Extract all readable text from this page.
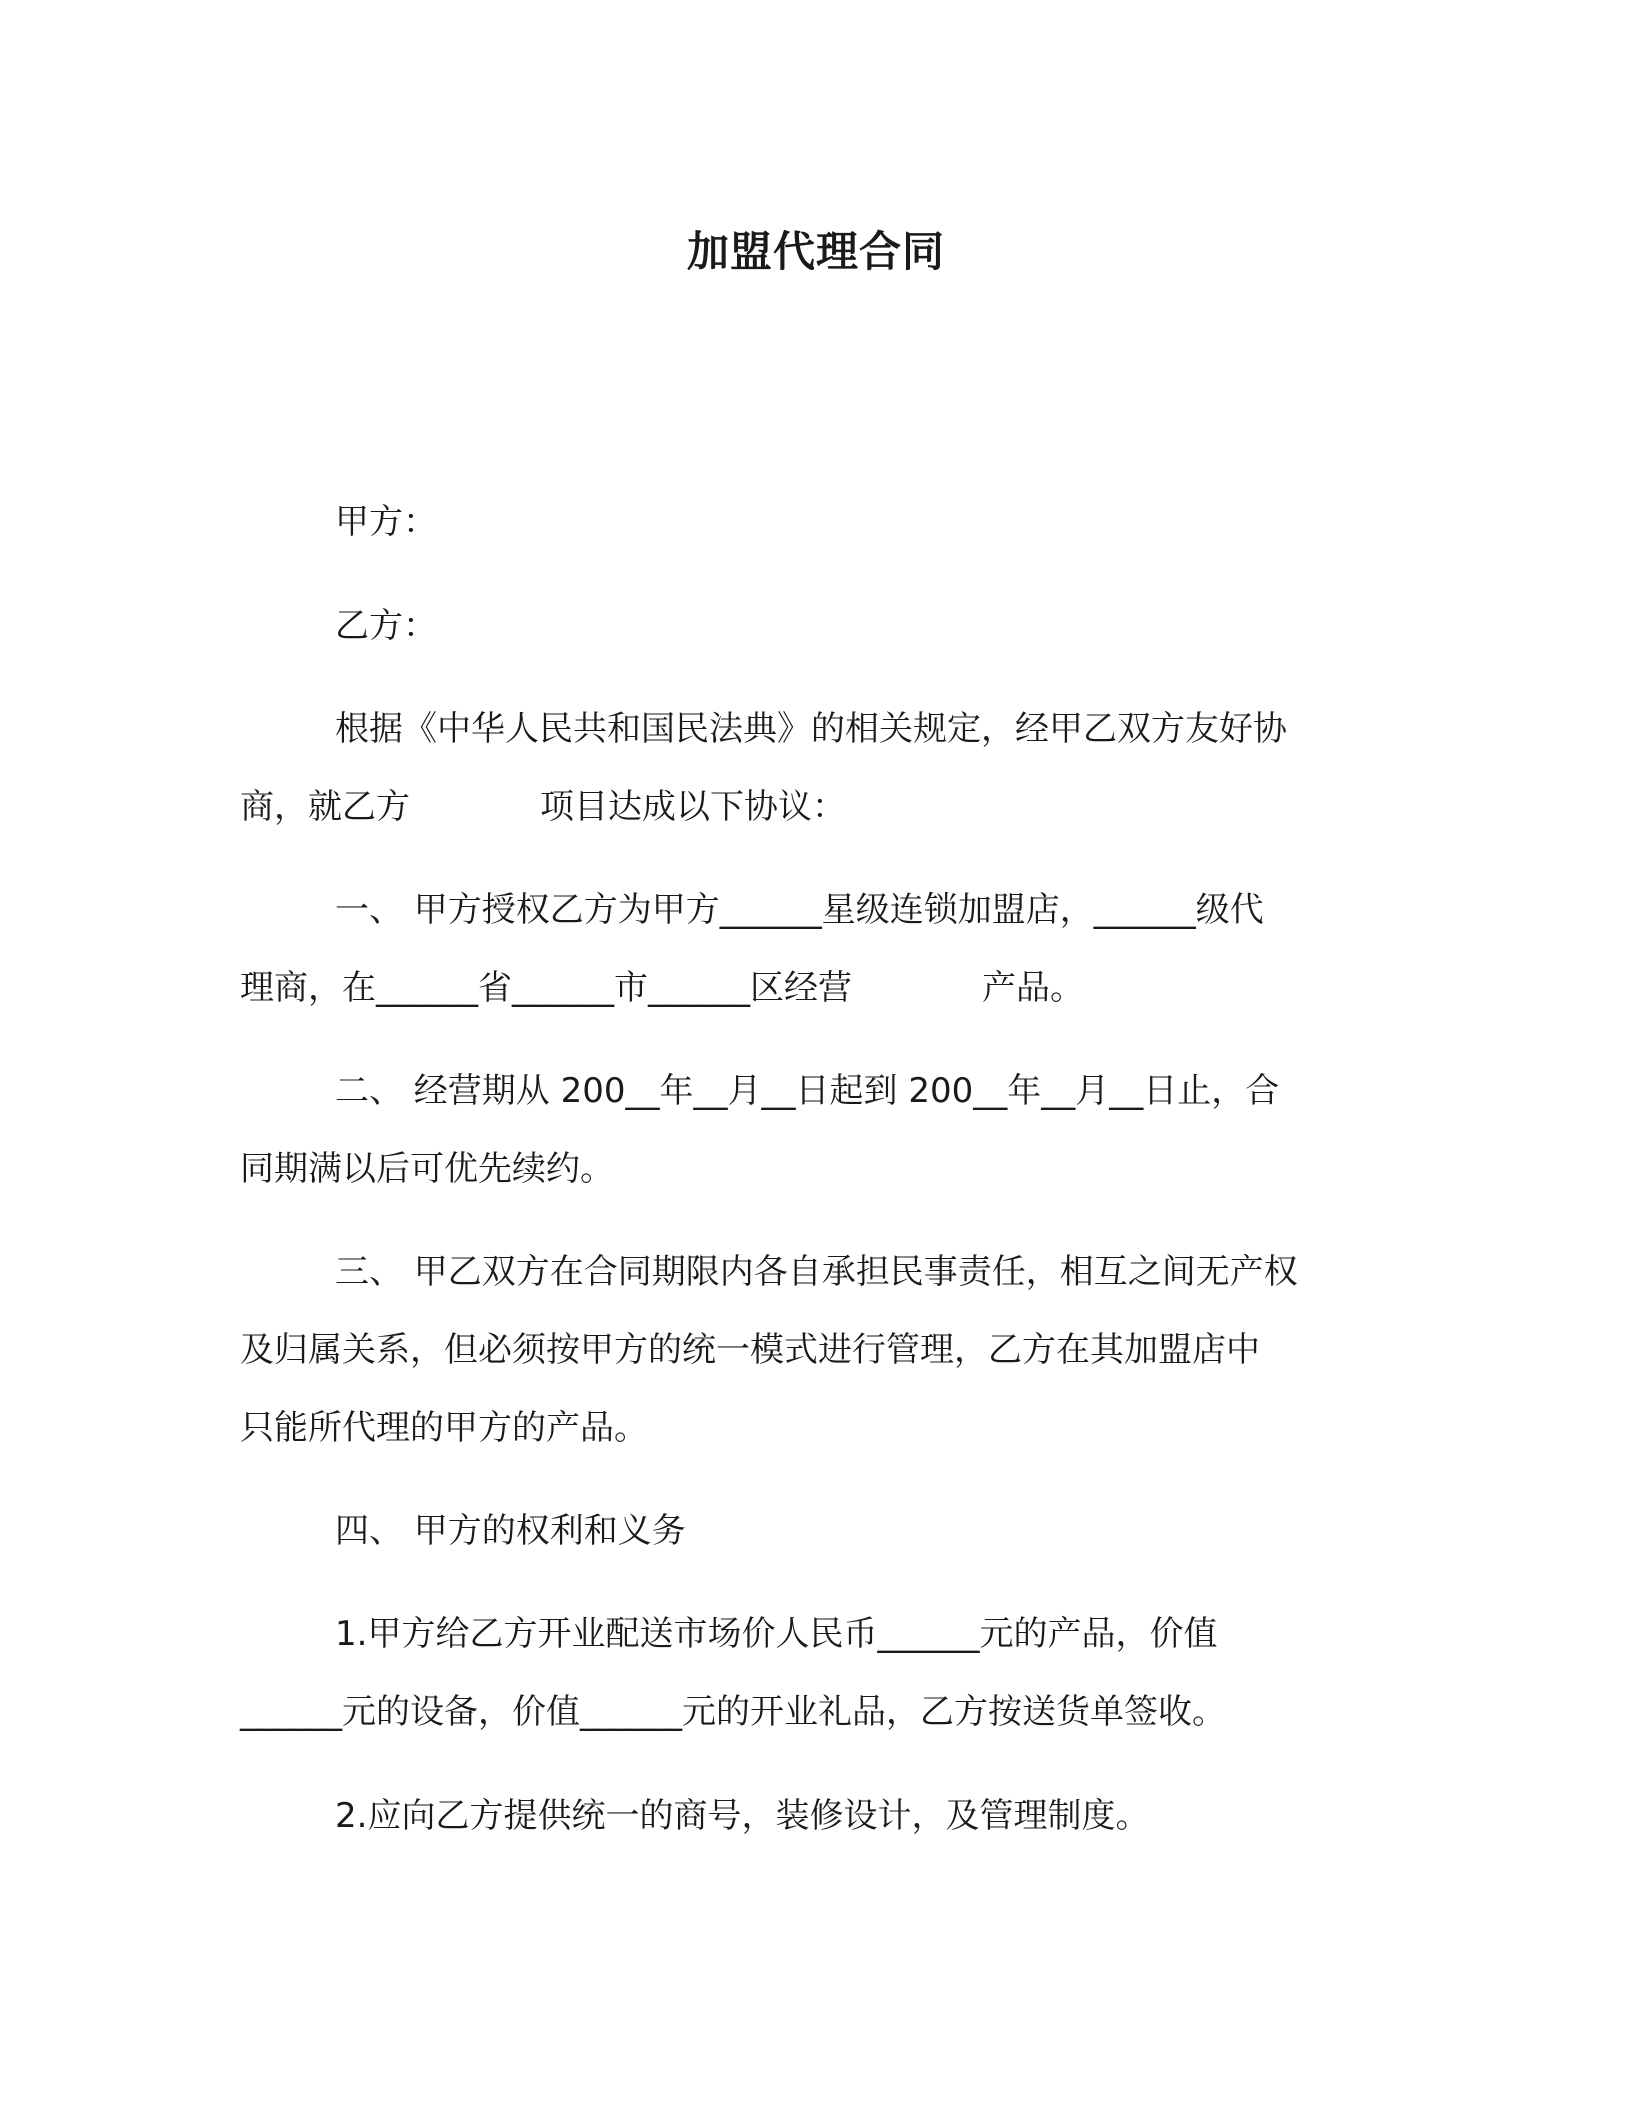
加盟代理合同
甲方：
乙方：
根据《中华人民共和国民法典》的相关规定，经甲乙双方友好协
商，就乙方	项目达成以下协议：
一、 甲方授权乙方为甲方______星级连锁加盟店，______级代
理商，在______省______市______区经营	产品。
二、 经营期从 200__年__月__日起到 200__年__月__日止，合
同期满以后可优先续约。
三、 甲乙双方在合同期限内各自承担民事责任，相互之间无产权
及归属关系，但必须按甲方的统一模式进行管理，乙方在其加盟店中
只能所代理的甲方的产品。
四、 甲方的权利和义务
1.甲方给乙方开业配送市场价人民币______元的产品，价值
______元的设备，价值______元的开业礼品，乙方按送货单签收。
2.应向乙方提供统一的商号，装修设计，及管理制度。
